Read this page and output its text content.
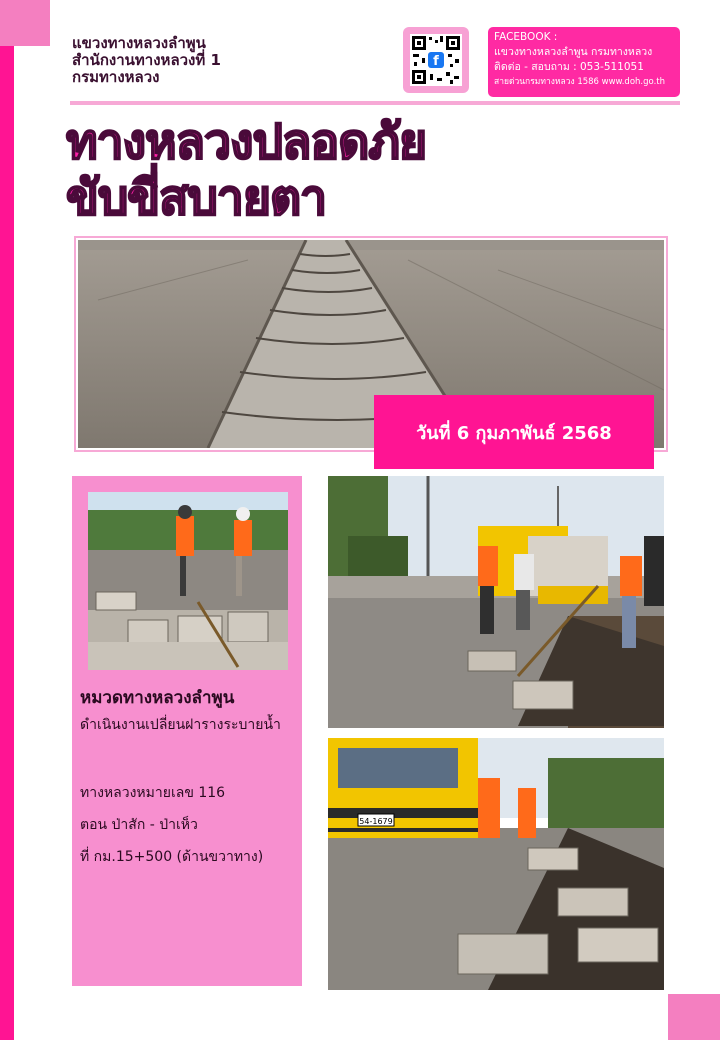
แขวงทางหลวงลำพูน
สำนักงานทางหลวงที่ 1
กรมทางหลวง
f
FACEBOOK :
แขวงทางหลวงลำพูน กรมทางหลวง
ติดต่อ - สอบถาม : 053-511051
สายด่วนกรมทางหลวง 1586 www.doh.go.th
ทางหลวงปลอดภัย
ขับขี่สบายตา
วันที่ 6 กุมภาพันธ์ 2568
หมวดทางหลวงลำพูน
ดำเนินงานเปลี่ยนฝารางระบายน้ำ
ทางหลวงหมายเลข 116
ตอน ป่าสัก - ป่าเห็ว
ที่ กม.15+500 (ด้านขวาทาง)
54-1679
